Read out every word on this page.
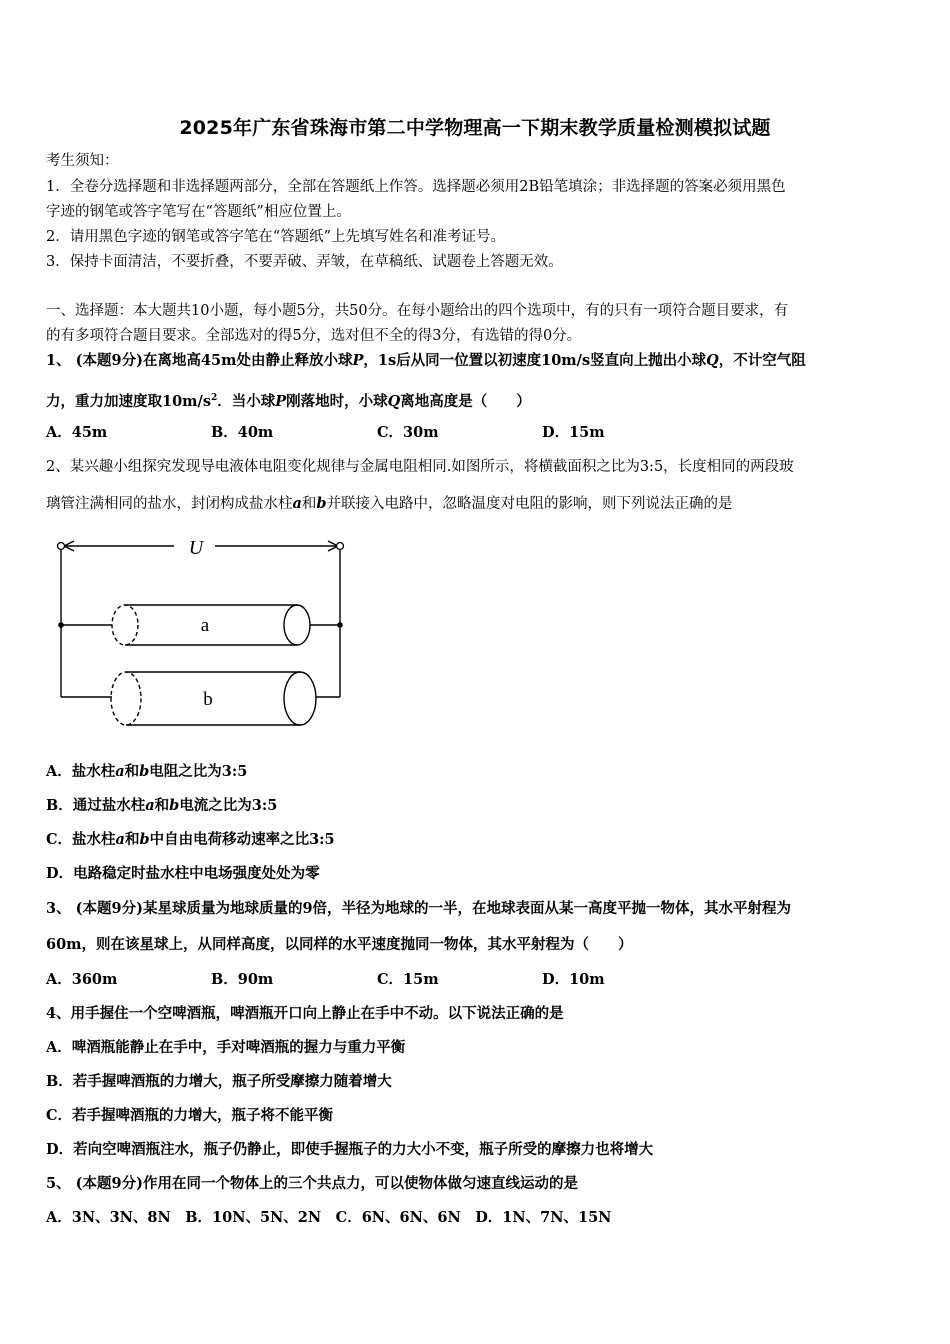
2025年广东省珠海市第二中学物理高一下期末教学质量检测模拟试题
考生须知：
1．全卷分选择题和非选择题两部分，全部在答题纸上作答。选择题必须用2B铅笔填涂；非选择题的答案必须用黑色
字迹的钢笔或答字笔写在“答题纸”相应位置上。
2．请用黑色字迹的钢笔或答字笔在“答题纸”上先填写姓名和准考证号。
3．保持卡面清洁，不要折叠，不要弄破、弄皱，在草稿纸、试题卷上答题无效。
一、选择题：本大题共10小题，每小题5分，共50分。在每小题给出的四个选项中，有的只有一项符合题目要求，有
的有多项符合题目要求。全部选对的得5分，选对但不全的得3分，有选错的得0分。
1、 (本题9分)在离地高45m处由静止释放小球P，1s后从同一位置以初速度10m/s竖直向上抛出小球Q，不计空气阻
力，重力加速度取$10m/s^2$．当小球P刚落地时，小球Q离地高度是（　　）
A．45m	B．40m	C．30m	D．15m
2、某兴趣小组探究发现导电液体电阻变化规律与金属电阻相同.如图所示，将横截面积之比为3:5，长度相同的两段玻
璃管注满相同的盐水，封闭构成盐水柱a和b并联接入电路中，忽略温度对电阻的影响，则下列说法正确的是
U
a
b
A．盐水柱a和b电阻之比为3:5
B．通过盐水柱a和b电流之比为3:5
C．盐水柱a和b中自由电荷移动速率之比3:5
D．电路稳定时盐水柱中电场强度处处为零
3、 (本题9分)某星球质量为地球质量的9倍，半径为地球的一半，在地球表面从某一高度平抛一物体，其水平射程为
60m，则在该星球上，从同样高度，以同样的水平速度抛同一物体，其水平射程为（　　）
A．360m	B．90m	C．15m	D．10m
4、用手握住一个空啤酒瓶，啤酒瓶开口向上静止在手中不动。以下说法正确的是
A．啤酒瓶能静止在手中，手对啤酒瓶的握力与重力平衡
B．若手握啤酒瓶的力增大，瓶子所受摩擦力随着增大
C．若手握啤酒瓶的力增大，瓶子将不能平衡
D．若向空啤酒瓶注水，瓶子仍静止，即使手握瓶子的力大小不变，瓶子所受的摩擦力也将增大
5、 (本题9分)作用在同一个物体上的三个共点力，可以使物体做匀速直线运动的是
A．3N、3N、8N　B．10N、5N、2N　C．6N、6N、6N　D．1N、7N、15N
